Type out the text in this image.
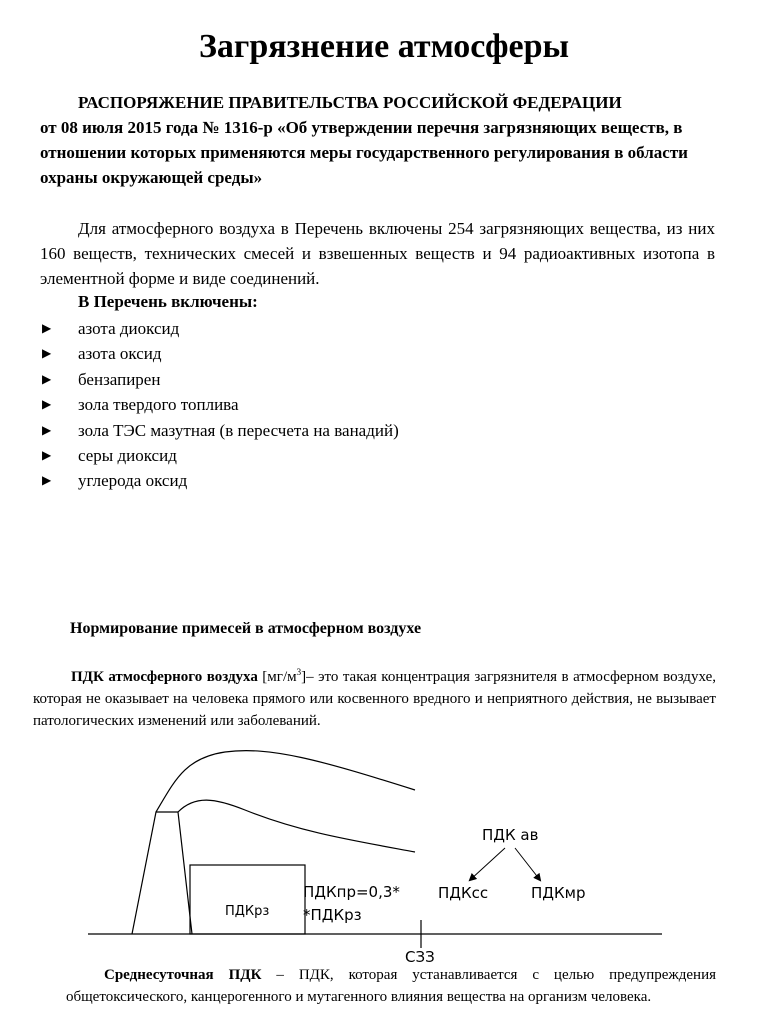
Загрязнение атмосферы
РАСПОРЯЖЕНИЕ ПРАВИТЕЛЬСТВА РОССИЙСКОЙ ФЕДЕРАЦИИ
от 08 июля 2015 года № 1316-р «Об утверждении перечня загрязняющих веществ, в отношении которых применяются меры государственного регулирования в области охраны окружающей среды»
Для атмосферного воздуха в Перечень включены 254 загрязняющих вещества, из них 160 веществ, технических смесей и взвешенных веществ и 94 радиоактивных изотопа в элементной форме и виде соединений.
В Перечень включены:
▶ азота диоксид
▶ азота оксид
▶ бензапирен
▶ зола твердого топлива
▶ зола ТЭС мазутная (в пересчета на ванадий)
▶ серы диоксид
▶ углерода оксид
Нормирование примесей в атмосферном воздухе
ПДК атмосферного воздуха $[мг/м^3]-$ это такая концентрация загрязнителя в атмосферном воздухе, которая не оказывает на человека прямого или косвенного вредного и неприятного действия, не вызывает патологических изменений или заболеваний.
ПДКрз
ПДКпр=0,3*
*ПДКрз
СЗЗ
ПДК ав
ПДКсс	ПДКмр
Среднесуточная ПДК – ПДК, которая устанавливается с целью предупреждения общетоксического, канцерогенного и мутагенного влияния вещества на организм человека.
